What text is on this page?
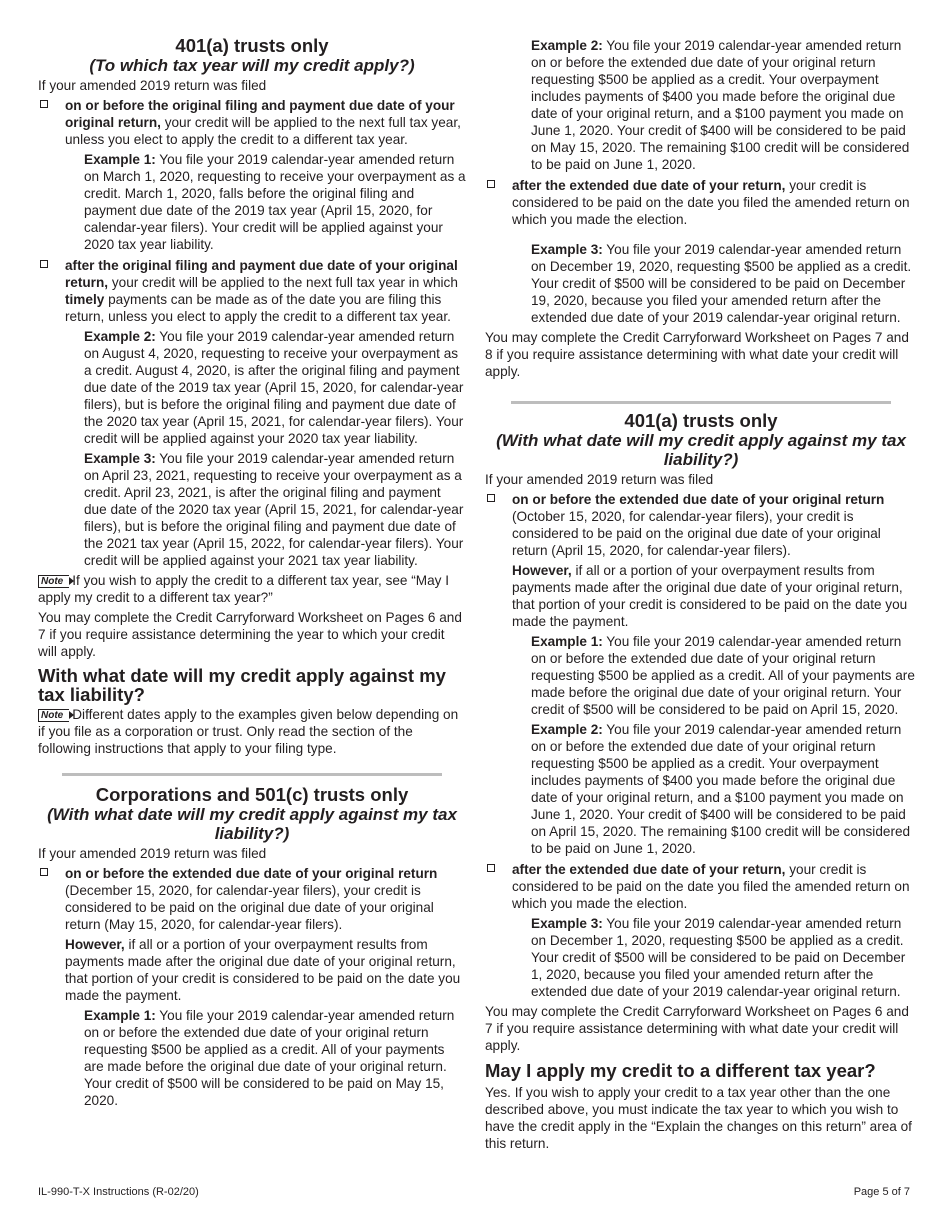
401(a) trusts only

(To which tax year will my credit apply?)

If your amended 2019 return was filed

on or before the original filing and payment due date of your original return, your credit will be applied to the next full tax year, unless you elect to apply the credit to a different tax year.

Example 1: You file your 2019 calendar-year amended return on March 1, 2020, requesting to receive your overpayment as a credit. March 1, 2020, falls before the original filing and payment due date of the 2019 tax year (April 15, 2020, for calendar-year filers). Your credit will be applied against your 2020 tax year liability.

after the original filing and payment due date of your original return, your credit will be applied to the next full tax year in which timely payments can be made as of the date you are filing this return, unless you elect to apply the credit to a different tax year.

Example 2: You file your 2019 calendar-year amended return on August 4, 2020, requesting to receive your overpayment as a credit. August 4, 2020, is after the original filing and payment due date of the 2019 tax year (April 15, 2020, for calendar-year filers), but is before the original filing and payment due date of the 2020 tax year (April 15, 2021, for calendar-year filers). Your credit will be applied against your 2020 tax year liability.

Example 3: You file your 2019 calendar-year amended return on April 23, 2021, requesting to receive your overpayment as a credit. April 23, 2021, is after the original filing and payment due date of the 2020 tax year (April 15, 2021, for calendar-year filers), but is before the original filing and payment due date of the 2021 tax year (April 15, 2022, for calendar-year filers). Your credit will be applied against your 2021 tax year liability.

Note If you wish to apply the credit to a different tax year, see “May I apply my credit to a different tax year?”

You may complete the Credit Carryforward Worksheet on Pages 6 and 7 if you require assistance determining the year to which your credit will apply.

With what date will my credit apply against my tax liability?

Note Different dates apply to the examples given below depending on if you file as a corporation or trust. Only read the section of the following instructions that apply to your filing type.

Corporations and 501(c) trusts only

(With what date will my credit apply against my tax liability?)

If your amended 2019 return was filed

on or before the extended due date of your original return (December 15, 2020, for calendar-year filers), your credit is considered to be paid on the original due date of your original return (May 15, 2020, for calendar-year filers).

However, if all or a portion of your overpayment results from payments made after the original due date of your original return, that portion of your credit is considered to be paid on the date you made the payment.

Example 1: You file your 2019 calendar-year amended return on or before the extended due date of your original return requesting $500 be applied as a credit. All of your payments are made before the original due date of your original return. Your credit of $500 will be considered to be paid on May 15, 2020.

Example 2: You file your 2019 calendar-year amended return on or before the extended due date of your original return requesting $500 be applied as a credit. Your overpayment includes payments of $400 you made before the original due date of your original return, and a $100 payment you made on June 1, 2020. Your credit of $400 will be considered to be paid on May 15, 2020. The remaining $100 credit will be considered to be paid on June 1, 2020.

after the extended due date of your return, your credit is considered to be paid on the date you filed the amended return on which you made the election.

Example 3: You file your 2019 calendar-year amended return on December 19, 2020, requesting $500 be applied as a credit. Your credit of $500 will be considered to be paid on December 19, 2020, because you filed your amended return after the extended due date of your 2019 calendar-year original return.

You may complete the Credit Carryforward Worksheet on Pages 7 and 8 if you require assistance determining with what date your credit will apply.

401(a) trusts only

(With what date will my credit apply against my tax liability?)

If your amended 2019 return was filed

on or before the extended due date of your original return (October 15, 2020, for calendar-year filers), your credit is considered to be paid on the original due date of your original return (April 15, 2020, for calendar-year filers).

However, if all or a portion of your overpayment results from payments made after the original due date of your original return, that portion of your credit is considered to be paid on the date you made the payment.

Example 1: You file your 2019 calendar-year amended return on or before the extended due date of your original return requesting $500 be applied as a credit. All of your payments are made before the original due date of your original return. Your credit of $500 will be considered to be paid on April 15, 2020.

Example 2: You file your 2019 calendar-year amended return on or before the extended due date of your original return requesting $500 be applied as a credit. Your overpayment includes payments of $400 you made before the original due date of your original return, and a $100 payment you made on June 1, 2020. Your credit of $400 will be considered to be paid on April 15, 2020. The remaining $100 credit will be considered to be paid on June 1, 2020.

after the extended due date of your return, your credit is considered to be paid on the date you filed the amended return on which you made the election.

Example 3: You file your 2019 calendar-year amended return on December 1, 2020, requesting $500 be applied as a credit. Your credit of $500 will be considered to be paid on December 1, 2020, because you filed your amended return after the extended due date of your 2019 calendar-year original return.

You may complete the Credit Carryforward Worksheet on Pages 6 and 7 if you require assistance determining with what date your credit will apply.

May I apply my credit to a different tax year?

Yes. If you wish to apply your credit to a tax year other than the one described above, you must indicate the tax year to which you wish to have the credit apply in the “Explain the changes on this return” area of this return.

IL-990-T-X Instructions (R-02/20)	Page 5 of 7
